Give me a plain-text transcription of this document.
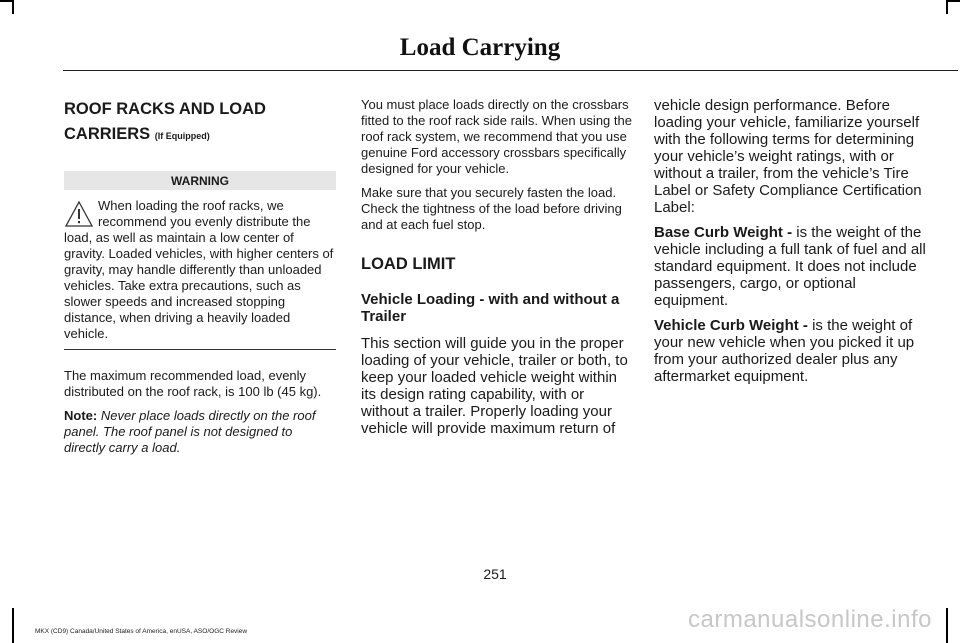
Load Carrying

ROOF RACKS AND LOAD
CARRIERS (If Equipped)

WARNING
When loading the roof racks, we recommend you evenly distribute the load, as well as maintain a low center of gravity. Loaded vehicles, with higher centers of gravity, may handle differently than unloaded vehicles. Take extra precautions, such as slower speeds and increased stopping distance, when driving a heavily loaded vehicle.

The maximum recommended load, evenly distributed on the roof rack, is 100 lb (45 kg).

Note: Never place loads directly on the roof panel. The roof panel is not designed to directly carry a load.

You must place loads directly on the crossbars fitted to the roof rack side rails. When using the roof rack system, we recommend that you use genuine Ford accessory crossbars specifically designed for your vehicle.

Make sure that you securely fasten the load. Check the tightness of the load before driving and at each fuel stop.

LOAD LIMIT

Vehicle Loading - with and without a Trailer

This section will guide you in the proper loading of your vehicle, trailer or both, to keep your loaded vehicle weight within its design rating capability, with or without a trailer. Properly loading your vehicle will provide maximum return of

vehicle design performance. Before loading your vehicle, familiarize yourself with the following terms for determining your vehicle’s weight ratings, with or without a trailer, from the vehicle’s Tire Label or Safety Compliance Certification Label:

Base Curb Weight - is the weight of the vehicle including a full tank of fuel and all standard equipment. It does not include passengers, cargo, or optional equipment.

Vehicle Curb Weight - is the weight of your new vehicle when you picked it up from your authorized dealer plus any aftermarket equipment.

251
carmanualsonline.info
MKX (CD9) Canada/United States of America, enUSA, ASO/OGC Review
